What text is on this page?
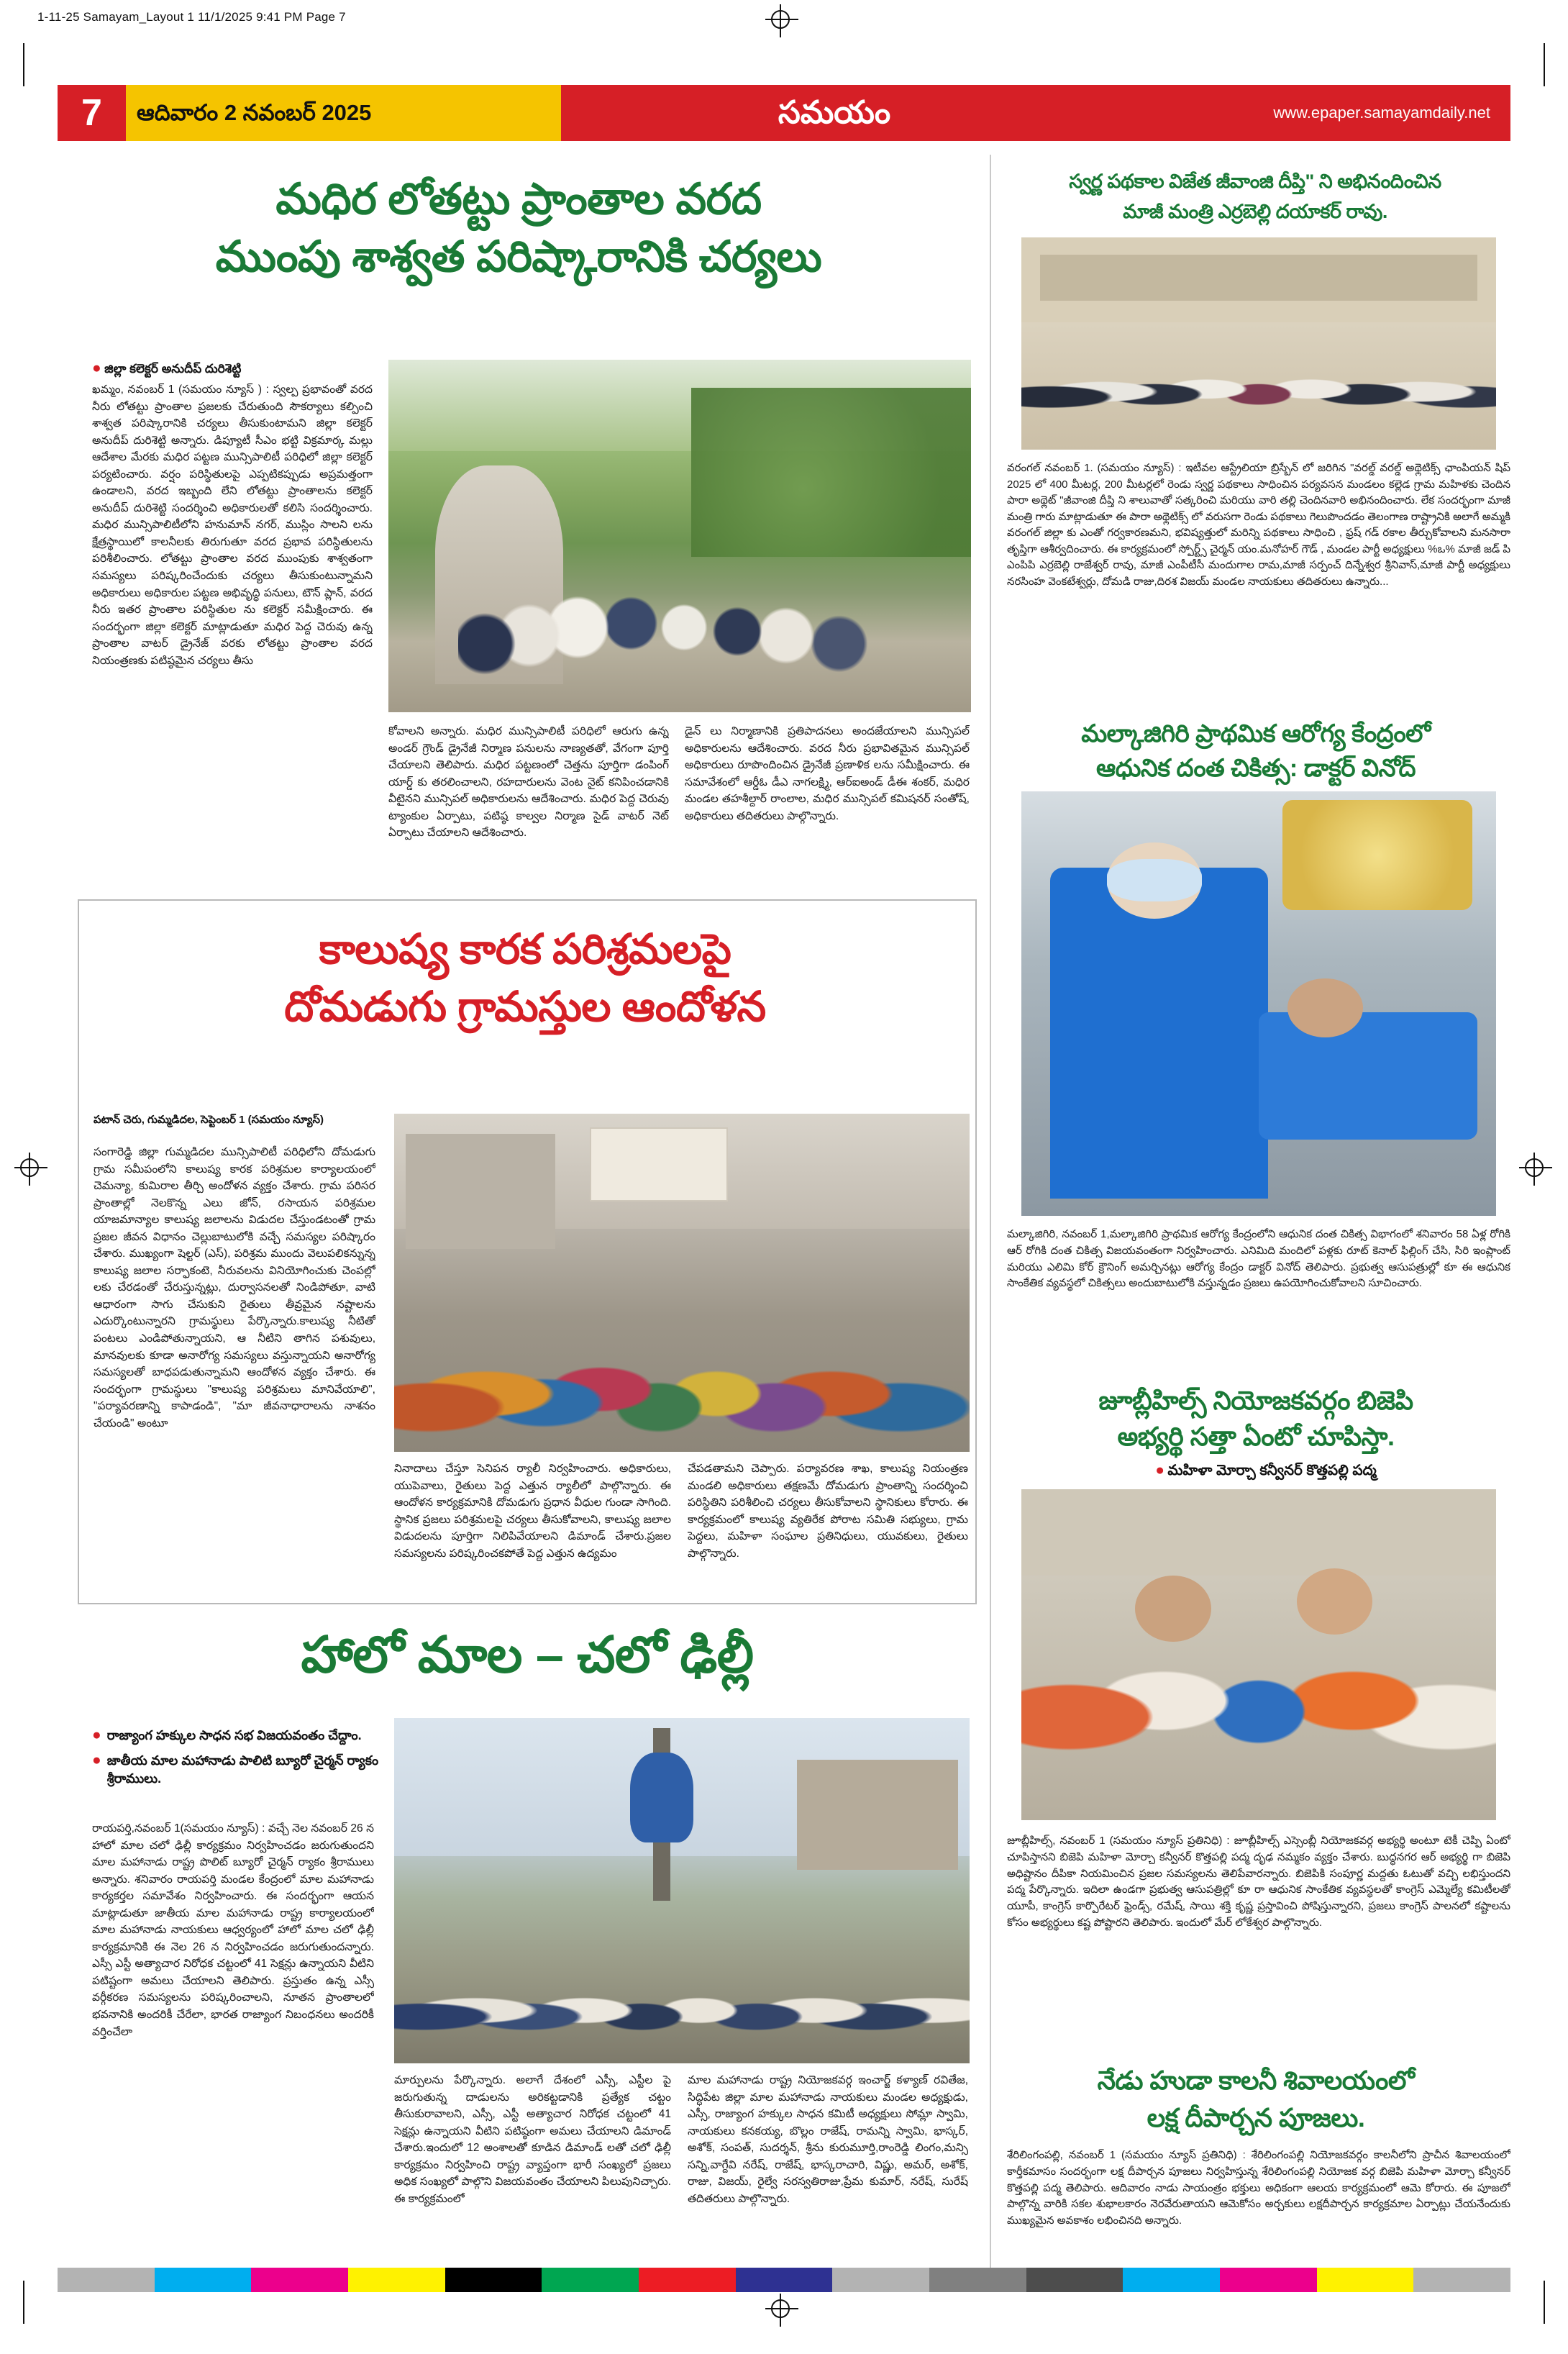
1-11-25 Samayam_Layout 1 11/1/2025 9:41 PM Page 7
7	ఆదివారం 2 నవంబర్ 2025	సమయం	www.epaper.samayamdaily.net
మధిర లోతట్టు ప్రాంతాల వరద
ముంపు శాశ్వత పరిష్కారానికి చర్యలు
● జిల్లా కలెక్టర్ అనుదీప్ దురిశెట్టి
ఖమ్మం, నవంబర్ 1 (సమయం న్యూస్ ) : స్వల్ప ప్రభావంతో వరద నీరు లోతట్టు ప్రాంతాల ప్రజలకు చేరుతుంది సౌకర్యాలు కల్పించి శాశ్వత పరిష్కారానికి చర్యలు తీసుకుంటామని జిల్లా కలెక్టర్ అనుదీప్ దురిశెట్టి అన్నారు. డిప్యూటీ సీఎం భట్టి విక్రమార్క మల్లు ఆదేశాల మేరకు మధిర పట్టణ మున్సిపాలిటీ పరిధిలో జిల్లా కలెక్టర్ పర్యటించారు. వర్షం పరిస్థితులపై ఎప్పటికప్పుడు అప్రమత్తంగా ఉండాలని, వరద ఇబ్బంది లేని లోతట్టు ప్రాంతాలను కలెక్టర్ అనుదీప్ దురిశెట్టి సందర్శించి అధికారులతో కలిసి సందర్శించారు. మధిర మున్సిపాలిటీలోని హనుమాన్ నగర్, ముస్లిం సాలని లను క్షేత్రస్థాయిలో కాలనీలకు తిరుగుతూ వరద ప్రభావ పరిస్థితులను పరిశీలించారు. లోతట్టు ప్రాంతాల వరద ముంపుకు శాశ్వతంగా సమస్యలు పరిష్కరించేందుకు చర్యలు తీసుకుంటున్నామని అధికారులు అధికారుల పట్టణ అభివృద్ధి పనులు, టౌన్ ప్లాన్, వరద నీరు ఇతర ప్రాంతాల పరిస్థితుల ను కలెక్టర్ సమీక్షించారు. ఈ సందర్భంగా జిల్లా కలెక్టర్ మాట్లాడుతూ మధిర పెద్ద చెరువు ఉన్న ప్రాంతాల వాటర్ డ్రైనేజ్ వరకు లోతట్టు ప్రాంతాల వరద నియంత్రణకు పటిష్ఠమైన చర్యలు తీసు
కోవాలని అన్నారు. మధిర మున్సిపాలిటీ పరిధిలో ఆరుగు ఉన్న అండర్ గ్రౌండ్ డ్రైనేజీ నిర్మాణ పనులను నాణ్యతతో, వేగంగా పూర్తి చేయాలని తెలిపారు. మధిర పట్టణంలో చెత్తను పూర్తిగా డంపింగ్ యార్డ్ కు తరలించాలని, రహదారులను వెంట నైట్ కనిపించడానికి వీటైనని మున్సిపల్ అధికారులను ఆదేశించారు. మధిర పెద్ద చెరువు ట్యాంకుల ఏర్పాటు, పటిష్ఠ కాల్వల నిర్మాణ సైడ్ వాటర్ నెట్ ఏర్పాటు చేయాలని ఆదేశించారు.
డైన్ లు నిర్మాణానికి ప్రతిపాదనలు అందజేయాలని మున్సిపల్ అధికారులను ఆదేశించారు. వరద నీరు ప్రభావితమైన మున్సిపల్ అధికారులు రూపొందించిన డ్రైనేజీ ప్రణాళిక లను సమీక్షించారు. ఈ సమావేశంలో ఆర్డీఓ డీఎ నాగలక్ష్మి, ఆర్ఐఅండ్ డీఈ శంకర్, మధిర మండల తహశీల్దార్ రాంలాల, మధిర మున్సిపల్ కమిషనర్ సంతోష్, అధికారులు తదితరులు పాల్గొన్నారు.
కాలుష్య కారక పరిశ్రమలపై
దోమడుగు గ్రామస్తుల ఆందోళన
పటాన్ చెరు, గుమ్మడిదల, సెప్టెంబర్ 1 (సమయం న్యూస్)
సంగారెడ్డి జిల్లా గుమ్మడిదల మున్సిపాలిటీ పరిధిలోని దోమడుగు గ్రామ సమీపంలోని కాలుష్య కారక పరిశ్రమల కార్యాలయంలో చెమన్యా, కుమిరాల తీర్చి అందోళన వ్యక్తం చేశారు. గ్రామ పరిసర ప్రాంతాల్లో నెలకొన్న ఎలు జోన్, రసాయన పరిశ్రమల యాజమాన్యాల కాలుష్య జలాలను విడుదల చేస్తుండటంతో గ్రామ ప్రజల జీవన విధానం చెల్లుబాటులోకి వచ్చే సమస్యల పరిష్కారం చేశారు. ముఖ్యంగా షెల్టర్ (ఎస్), పరిశ్రమ ముందు వెలుపలికన్నున్న కాలుష్య జలాల సర్ఫాకంటె, నీరువలను వినియోగించుకు చెంపల్లో లకు చేరడంతో చేరుస్తున్నట్లు, దుర్వాసనలతో నిండిపోతూ, వాటి ఆధారంగా సాగు చేసుకుని రైతులు తీవ్రమైన నష్టాలను ఎదుర్కొంటున్నారని గ్రామస్థులు పేర్కొన్నారు.కాలుష్య నీటితో పంటలు ఎండిపోతున్నాయని, ఆ నీటిని తాగిన పశువులు, మానవులకు కూడా అనారోగ్య సమస్యలు వస్తున్నాయని అనారోగ్య సమస్యలతో బాధపడుతున్నామని ఆందోళన వ్యక్తం చేశారు. ఈ సందర్భంగా గ్రామస్థులు "కాలుష్య పరిశ్రమలు మానివేయాలి", "పర్యావరణాన్ని కాపాడండి", "మా జీవనాధారాలను నాశనం చేయండి" అంటూ
నినాదాలు చేస్తూ సెనిపన ర్యాలీ నిర్వహించారు. అధికారులు, యుపెవాలు, రైతులు పెద్ద ఎత్తున ర్యాలీలో పాల్గొన్నారు. ఈ ఆందోళన కార్యక్రమానికి దోమడుగు ప్రధాన వీధుల గుండా సాగింది. స్థానిక ప్రజలు పరిశ్రమలపై చర్యలు తీసుకోవాలని, కాలుష్య జలాల విడుదలను పూర్తిగా నిలిపివేయాలని డిమాండ్ చేశారు.ప్రజల సమస్యలను పరిష్కరించకపోతే పెద్ద ఎత్తున ఉద్యమం
చేపడతామని చెప్పారు. పర్యావరణ శాఖ, కాలుష్య నియంత్రణ మండలి అధికారులు తక్షణమే దోమడుగు ప్రాంతాన్ని సందర్శించి పరిస్థితిని పరిశీలించి చర్యలు తీసుకోవాలని స్థానికులు కోరారు. ఈ కార్యక్రమంలో కాలుష్య వ్యతిరేక పోరాట సమితి సభ్యులు, గ్రామ పెద్దలు, మహిళా సంఘాల ప్రతినిధులు, యువకులు, రైతులు పాల్గొన్నారు.
హాలో మాల – చలో ఢిల్లీ
● రాజ్యాంగ హక్కుల సాధన సభ విజయవంతం చేద్దాం.
● జాతీయ మాల మహానాడు పాలిటి బ్యూరో చైర్మన్ ర్యాకం శ్రీరాములు.
రాయపర్తి,నవంబర్ 1(సమయం న్యూస్) : వచ్చే నెల నవంబర్ 26 న హాలో మాల చలో ఢిల్లీ కార్యక్రమం నిర్వహించడం జరుగుతుందని మాల మహానాడు రాష్ట్ర పొలిట్ బ్యూరో చైర్మన్ ర్యాకం శ్రీరాములు అన్నారు. శనివారం రాయపర్తి మండల కేంద్రంలో మాల మహానాడు కార్యకర్తల సమావేశం నిర్వహించారు. ఈ సందర్భంగా ఆయన మాట్లాడుతూ జాతీయ మాల మహానాడు రాష్ట్ర కార్యాలయంలో మాల మహానాడు నాయకులు ఆధ్వర్యంలో హాలో మాల చలో ఢిల్లీ కార్యక్రమానికి ఈ నెల 26 న నిర్వహించడం జరుగుతుందన్నారు. ఎస్సీ ఎస్టీ అత్యాచార నిరోధక చట్టంలో 41 సెక్షన్లు ఉన్నాయని వీటిని పటిష్టంగా అమలు చేయాలని తెలిపారు. ప్రస్తుతం ఉన్న ఎస్సీ వర్గీకరణ సమస్యలను పరిష్కరించాలని, నూతన ప్రాంతాలలో భవనానికి అందరికీ చేరేలా, భారత రాజ్యాంగ నిబంధనలు అందరికీ వర్తించేలా
మార్పులను పేర్కొన్నారు. అలాగే దేశంలో ఎస్సీ, ఎస్టీల పై జరుగుతున్న దాడులను అరికట్టడానికి ప్రత్యేక చట్టం తీసుకురావాలని, ఎస్సీ, ఎస్టీ అత్యాచార నిరోధక చట్టంలో 41 సెక్షన్లు ఉన్నాయని వీటిని పటిష్ఠంగా అమలు చేయాలని డిమాండ్ చేశారు.ఇందులో 12 అంశాలతో కూడిన డిమాండ్ లతో చలో ఢిల్లీ కార్యక్రమం నిర్వహించి రాష్ట్ర వ్యాప్తంగా భారీ సంఖ్యలో ప్రజలు అధిక సంఖ్యలో పాల్గొని విజయవంతం చేయాలని పిలుపునిచ్చారు. ఈ కార్యక్రమంలో
మాల మహానాడు రాష్ట్ర నియోజకవర్గ ఇంచార్జ్ కళ్యాణ్ రవితేజ, సిద్ధిపేట జిల్లా మాల మహానాడు నాయకులు మండల అధ్యక్షుడు, ఎస్సీ, రాజ్యాంగ హక్కుల సాధన కమిటీ అధ్యక్షులు సోమ్లా స్వామి, నాయకులు కనకయ్య, బొల్లం రాజేష్, రామన్ని స్వామి, భాస్కర్, అశోక్, సంపత్, సుదర్శన్, శ్రీను కురుమూర్తి,రాంరెడ్డి లింగం,మన్సి సన్ని,వాగ్దేవి నరేష్, రాజేష్, భాస్కరాచారి, విష్ణు, అమర్, అశోక్, రాజు, విజయ్, రైల్వే సరస్వతిరాజు,ప్రేమ కుమార్, నరేష్, సురేష్ తదితరులు పాల్గొన్నారు.
స్వర్ణ పథకాల విజేత జీవాంజి దీప్తి" ని అభినందించిన
మాజీ మంత్రి ఎర్రబెల్లి దయాకర్ రావు.
వరంగల్ నవంబర్ 1. (సమయం న్యూస్) : ఇటీవల ఆస్ట్రేలియా బ్రిస్బేన్ లో జరిగిన "వరల్డ్ వరల్డ్ అథ్లెటిక్స్ ఛాంపియన్ షిప్ 2025 లో 400 మీటర్ల, 200 మీటర్లలో రెండు స్వర్ణ పథకాలు సాధించిన పర్యవసన మండలం కల్లెడ గ్రామ మహిళకు చెందిన పారా అథ్లెట్ "జీవాంజి దీప్తి ని శాలువాతో సత్కరించి మరియు వారి తల్లి చెందినవారి అభినందించారు. లేక సందర్భంగా మాజీ మంత్రి గారు మాట్లాడుతూ ఈ పారా అథ్లెటిక్స్ లో వరుసగా రెండు పథకాలు గెలుపొందడం తెలంగాణ రాష్ట్రానికి అలాగే అమ్మకి వరంగల్ జిల్లా కు ఎంతో గర్వకారణమని, భవిష్యత్తులో మరిన్ని పథకాలు సాధించి , ఫ్రష్ గడ్ రకాల తీర్చుకోవాలని మనసారా తృప్తిగా ఆశీర్వదించారు. ఈ కార్యక్రమంలో స్పోర్ట్స్ చైర్మన్ యం.మనోహర్ గౌడ్ , మండల పార్టీ అధ్యక్షులు %ఒ% మాజీ జడ్ పి ఎంపిపి ఎర్రబెల్లి రాజేశ్వర్ రావు, మాజీ ఎంపీటీసీ మందుగాల రామ,మాజీ సర్పంచ్ దిన్నేశ్వర శ్రీనివాస్,మాజీ పార్టీ అధ్యక్షులు నరసింహ వెంకటేశ్వర్లు, దోమడి రాజు,దిరశ విజయ్ మండల నాయకులు తదితరులు ఉన్నారు...
మల్కాజిగిరి ప్రాథమిక ఆరోగ్య కేంద్రంలో
ఆధునిక దంత చికిత్స: డాక్టర్ వినోద్
మల్కాజిగిరి, నవంబర్ 1,మల్కాజిగిరి ప్రాథమిక ఆరోగ్య కేంద్రంలోని ఆధునిక దంత చికిత్స విభాగంలో శనివారం 58 ఏళ్ల రోగికి ఆర్ రోగికి దంత చికిత్స విజయవంతంగా నిర్వహించారు. ఎనిమిది మందిలో పళ్లకు రూట్ కెనాల్ ఫిల్లింగ్ చేసి, సిరి ఇంప్లాంట్ మరియు ఎలిమి కోర్ క్రౌనింగ్ అమర్చినట్లు ఆరోగ్య కేంద్రం డాక్టర్ వినోద్ తెలిపారు. ప్రభుత్వ ఆసుపత్రుల్లో కూ ఈ ఆధునిక సాంకేతిక వ్యవస్థలో చికిత్సలు అందుబాటులోకి వస్తున్నడం ప్రజలు ఉపయోగించుకోవాలని సూచించారు.
జూబ్లీహిల్స్ నియోజకవర్గం బిజెపి
అభ్యర్థి సత్తా ఏంటో చూపిస్తా.
● మహిళా మోర్చా కన్వీనర్ కొత్తపల్లి పద్మ
జూబ్లీహిల్స్, నవంబర్ 1 (సమయం న్యూస్ ప్రతినిధి) : జూబ్లీహిల్స్ ఎస్సెంబ్లీ నియోజకవర్గ అభ్యర్థి అంటూ టెకీ చెప్పి ఏంటో చూపిస్తానని బిజెపి మహిళా మోర్చా కన్వీనర్ కొత్తపల్లి పద్మ దృఢ నమ్మకం వ్యక్తం చేశారు. బుద్ధనగర ఆర్ అభ్యర్థి గా బిజెపి అధిష్టానం దీపికా నియమించిన ప్రజల సమస్యలను తెలిపేవారన్నారు. బిజెపికి సంపూర్ణ మద్దతు ఓటుతో వచ్చి లభిస్తుందని పద్మ పేర్కొన్నారు. ఇదిలా ఉండగా ప్రభుత్వ ఆసుపత్రిల్లో కూ రా ఆధునిక సాంకేతిక వ్యవస్థలతో కాంగ్రెస్ ఎమ్మెల్యే కమిటీలతో యూపీ, కాంగ్రెస్ కార్పొరేటర్ ఫ్రెండ్స్, రమేష్, సాయి శక్తి కృష్ణ ప్రస్తావించి పోషిస్తున్నారని, ప్రజలు కాంగ్రెస్ పాలనలో కష్టాలను కోసం అభ్యర్థులు కష్ట పోష్టారని తెలిపారు. ఇందులో మేర్ లోకేశ్వర పాల్గొన్నారు.
నేడు హుడా కాలనీ శివాలయంలో
లక్ష దీపార్చన పూజలు.
శేరిలింగంపల్లి, నవంబర్ 1 (సమయం న్యూస్ ప్రతినిధి) : శేరిలింగంపల్లి నియోజకవర్గం కాలనీలోని ప్రాచీన శివాలయంలో కార్తీకమాసం సందర్భంగా లక్ష దీపార్చన పూజలు నిర్వహిస్తున్న శేరిలింగంపల్లి నియోజక వర్గ బిజెపి మహిళా మోర్చా కన్వీనర్ కొత్తపల్లి పద్మ తెలిపారు. ఆదివారం నాడు సాయంత్రం భక్తులు అధికంగా ఆలయ కార్యక్రమంలో ఆమె కోరారు. ఈ పూజలో పాల్గొన్న వారికి సకల శుభాలకారం నెరవేరుతాయని ఆమెకోసం అర్చకులు లక్షదీపార్చన కార్యక్రమాల ఏర్పాట్లు చేయనేందుకు ముఖ్యమైన అవకాశం లభించినది అన్నారు.
